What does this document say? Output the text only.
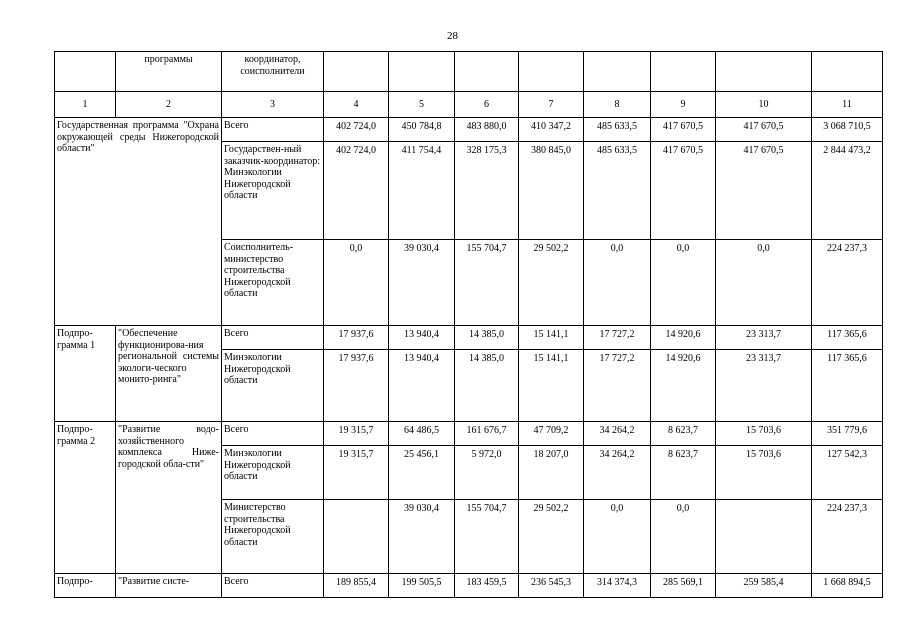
28
	программы	координатор, соисполнители								
1	2	3	4	5	6	7	8	9	10	11
Государственная программа "Охрана окружающей среды Нижегородской области"		Всего	402 724,0	450 784,8	483 880,0	410 347,2	485 633,5	417 670,5	417 670,5	3 068 710,5
		Государствен-ный заказчик-координатор: Минэкологии Нижегородской области	402 724,0	411 754,4	328 175,3	380 845,0	485 633,5	417 670,5	417 670,5	2 844 473,2
		Соисполнитель-министерство строительства Нижегородской области	0,0	39 030,4	155 704,7	29 502,2	0,0	0,0	0,0	224 237,3
Подпро-грамма 1	"Обеспечение функционирова-ния региональной системы экологи-ческого монито-ринга"	Всего	17 937,6	13 940,4	14 385,0	15 141,1	17 727,2	14 920,6	23 313,7	117 365,6
		Минэкологии Нижегородской области	17 937,6	13 940,4	14 385,0	15 141,1	17 727,2	14 920,6	23 313,7	117 365,6
Подпро-грамма 2	"Развитие водо-хозяйственного комплекса Ниже-городской обла-сти"	Всего	19 315,7	64 486,5	161 676,7	47 709,2	34 264,2	8 623,7	15 703,6	351 779,6
		Минэкологии Нижегородской области	19 315,7	25 456,1	5 972,0	18 207,0	34 264,2	8 623,7	15 703,6	127 542,3
		Министерство строительства Нижегородской области		39 030,4	155 704,7	29 502,2	0,0	0,0		224 237,3
Подпро-	"Развитие систе-	Всего	189 855,4	199 505,5	183 459,5	236 545,3	314 374,3	285 569,1	259 585,4	1 668 894,5
